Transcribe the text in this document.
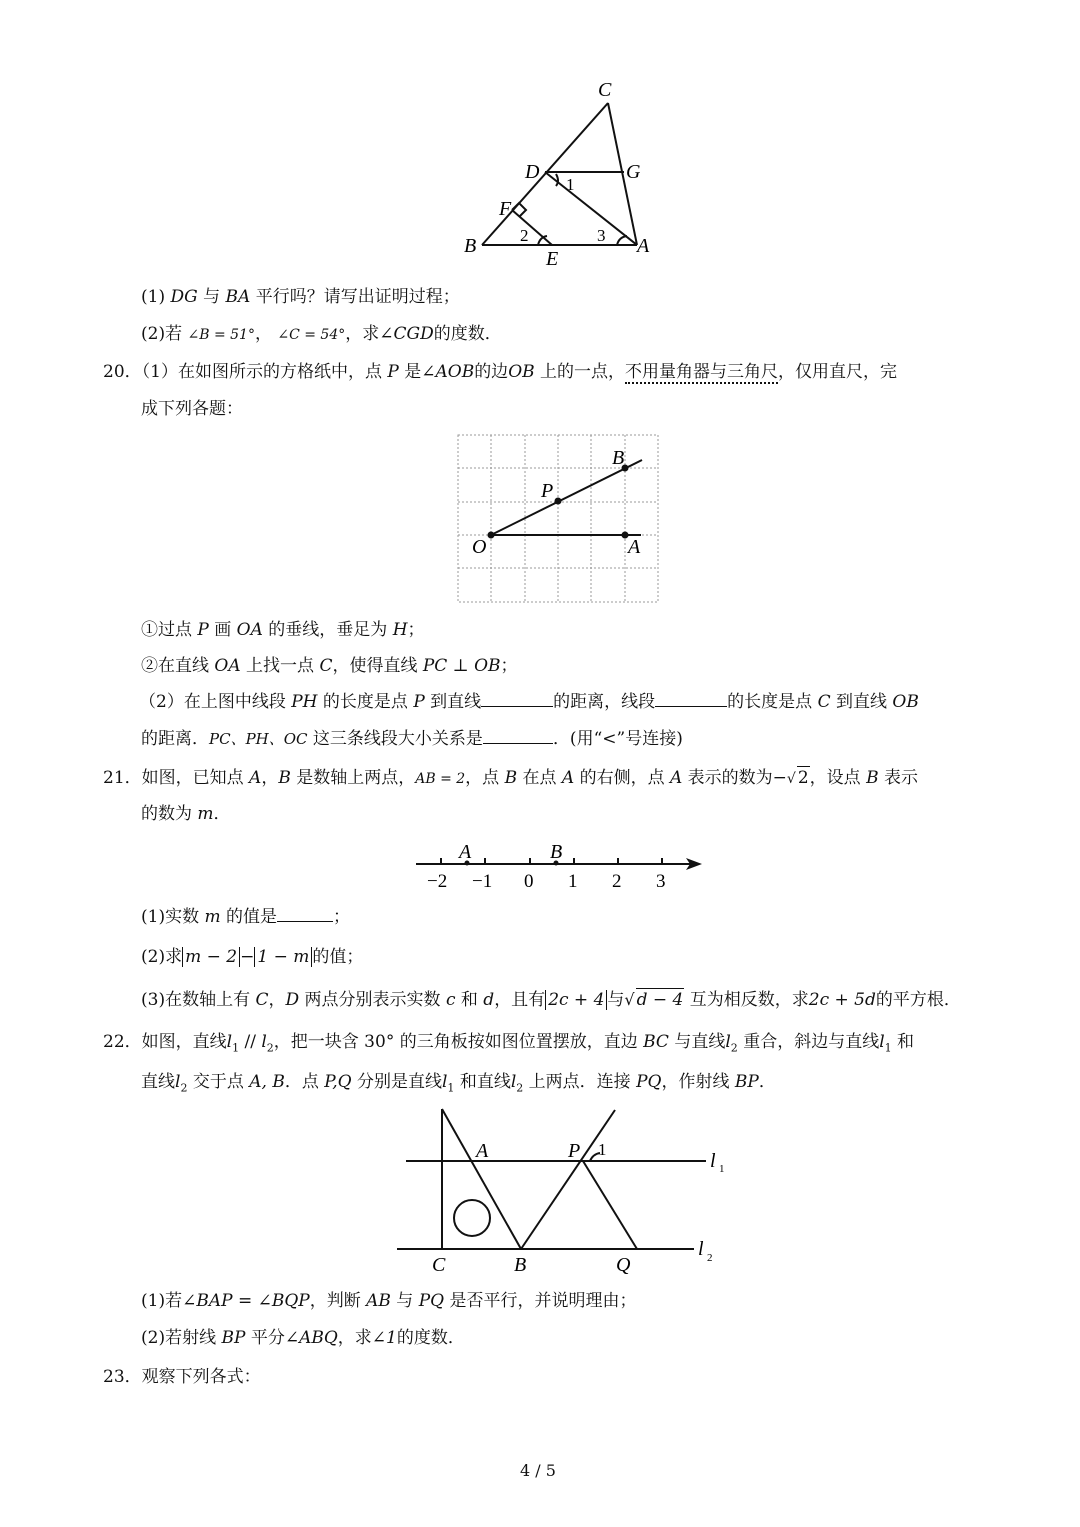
C
D	G
F
B
E
A
1
2	3
(1) DG 与 BA 平行吗？请写出证明过程；
(2)若 ∠B = 51°， ∠C = 54°，求∠CGD的度数．
20．（1）在如图所示的方格纸中，点 P 是∠AOB的边OB 上的一点，不用量角器与三角尺，仅用直尺，完
成下列各题：
B
P
O	A
①过点 P 画 OA 的垂线，垂足为 H；
②在直线 OA 上找一点 C，使得直线 PC ⊥ OB；
（2）在上图中线段 PH 的长度是点 P 到直线	的距离，线段	的长度是点 C 到直线 OB
的距离．PC、PH、OC 这三条线段大小关系是	．(用“<”号连接)
21．如图，已知点 A，B 是数轴上两点，AB = 2，点 B 在点 A 的右侧，点 A 表示的数为−√ 2，设点 B 表示
的数为 m．
A	B
−2 −1 0 1 2 3
(1)实数 m 的值是	；
(2)求 m − 2 − 1 − m 的值；
(3)在数轴上有 C，D 两点分别表示实数 c 和 d，且有 2c + 4 与√ d − 4 互为相反数，求2c + 5d的平方根．
22．如图，直线$l_1 // l_2$，把一块含 30° 的三角板按如图位置摆放，直边 BC 与直线$l_2$ 重合，斜边与直线$l_1$ 和
直线$l_2$ 交于点 A, B．点 P,Q 分别是直线$l_1$ 和直线$l_2$ 上两点．连接 PQ，作射线 BP．
A	P 1
l 1
C	B	Q
l 2
(1)若∠BAP = ∠BQP，判断 AB 与 PQ 是否平行，并说明理由；
(2)若射线 BP 平分∠ABQ，求∠1的度数．
23．观察下列各式：
4 / 5
